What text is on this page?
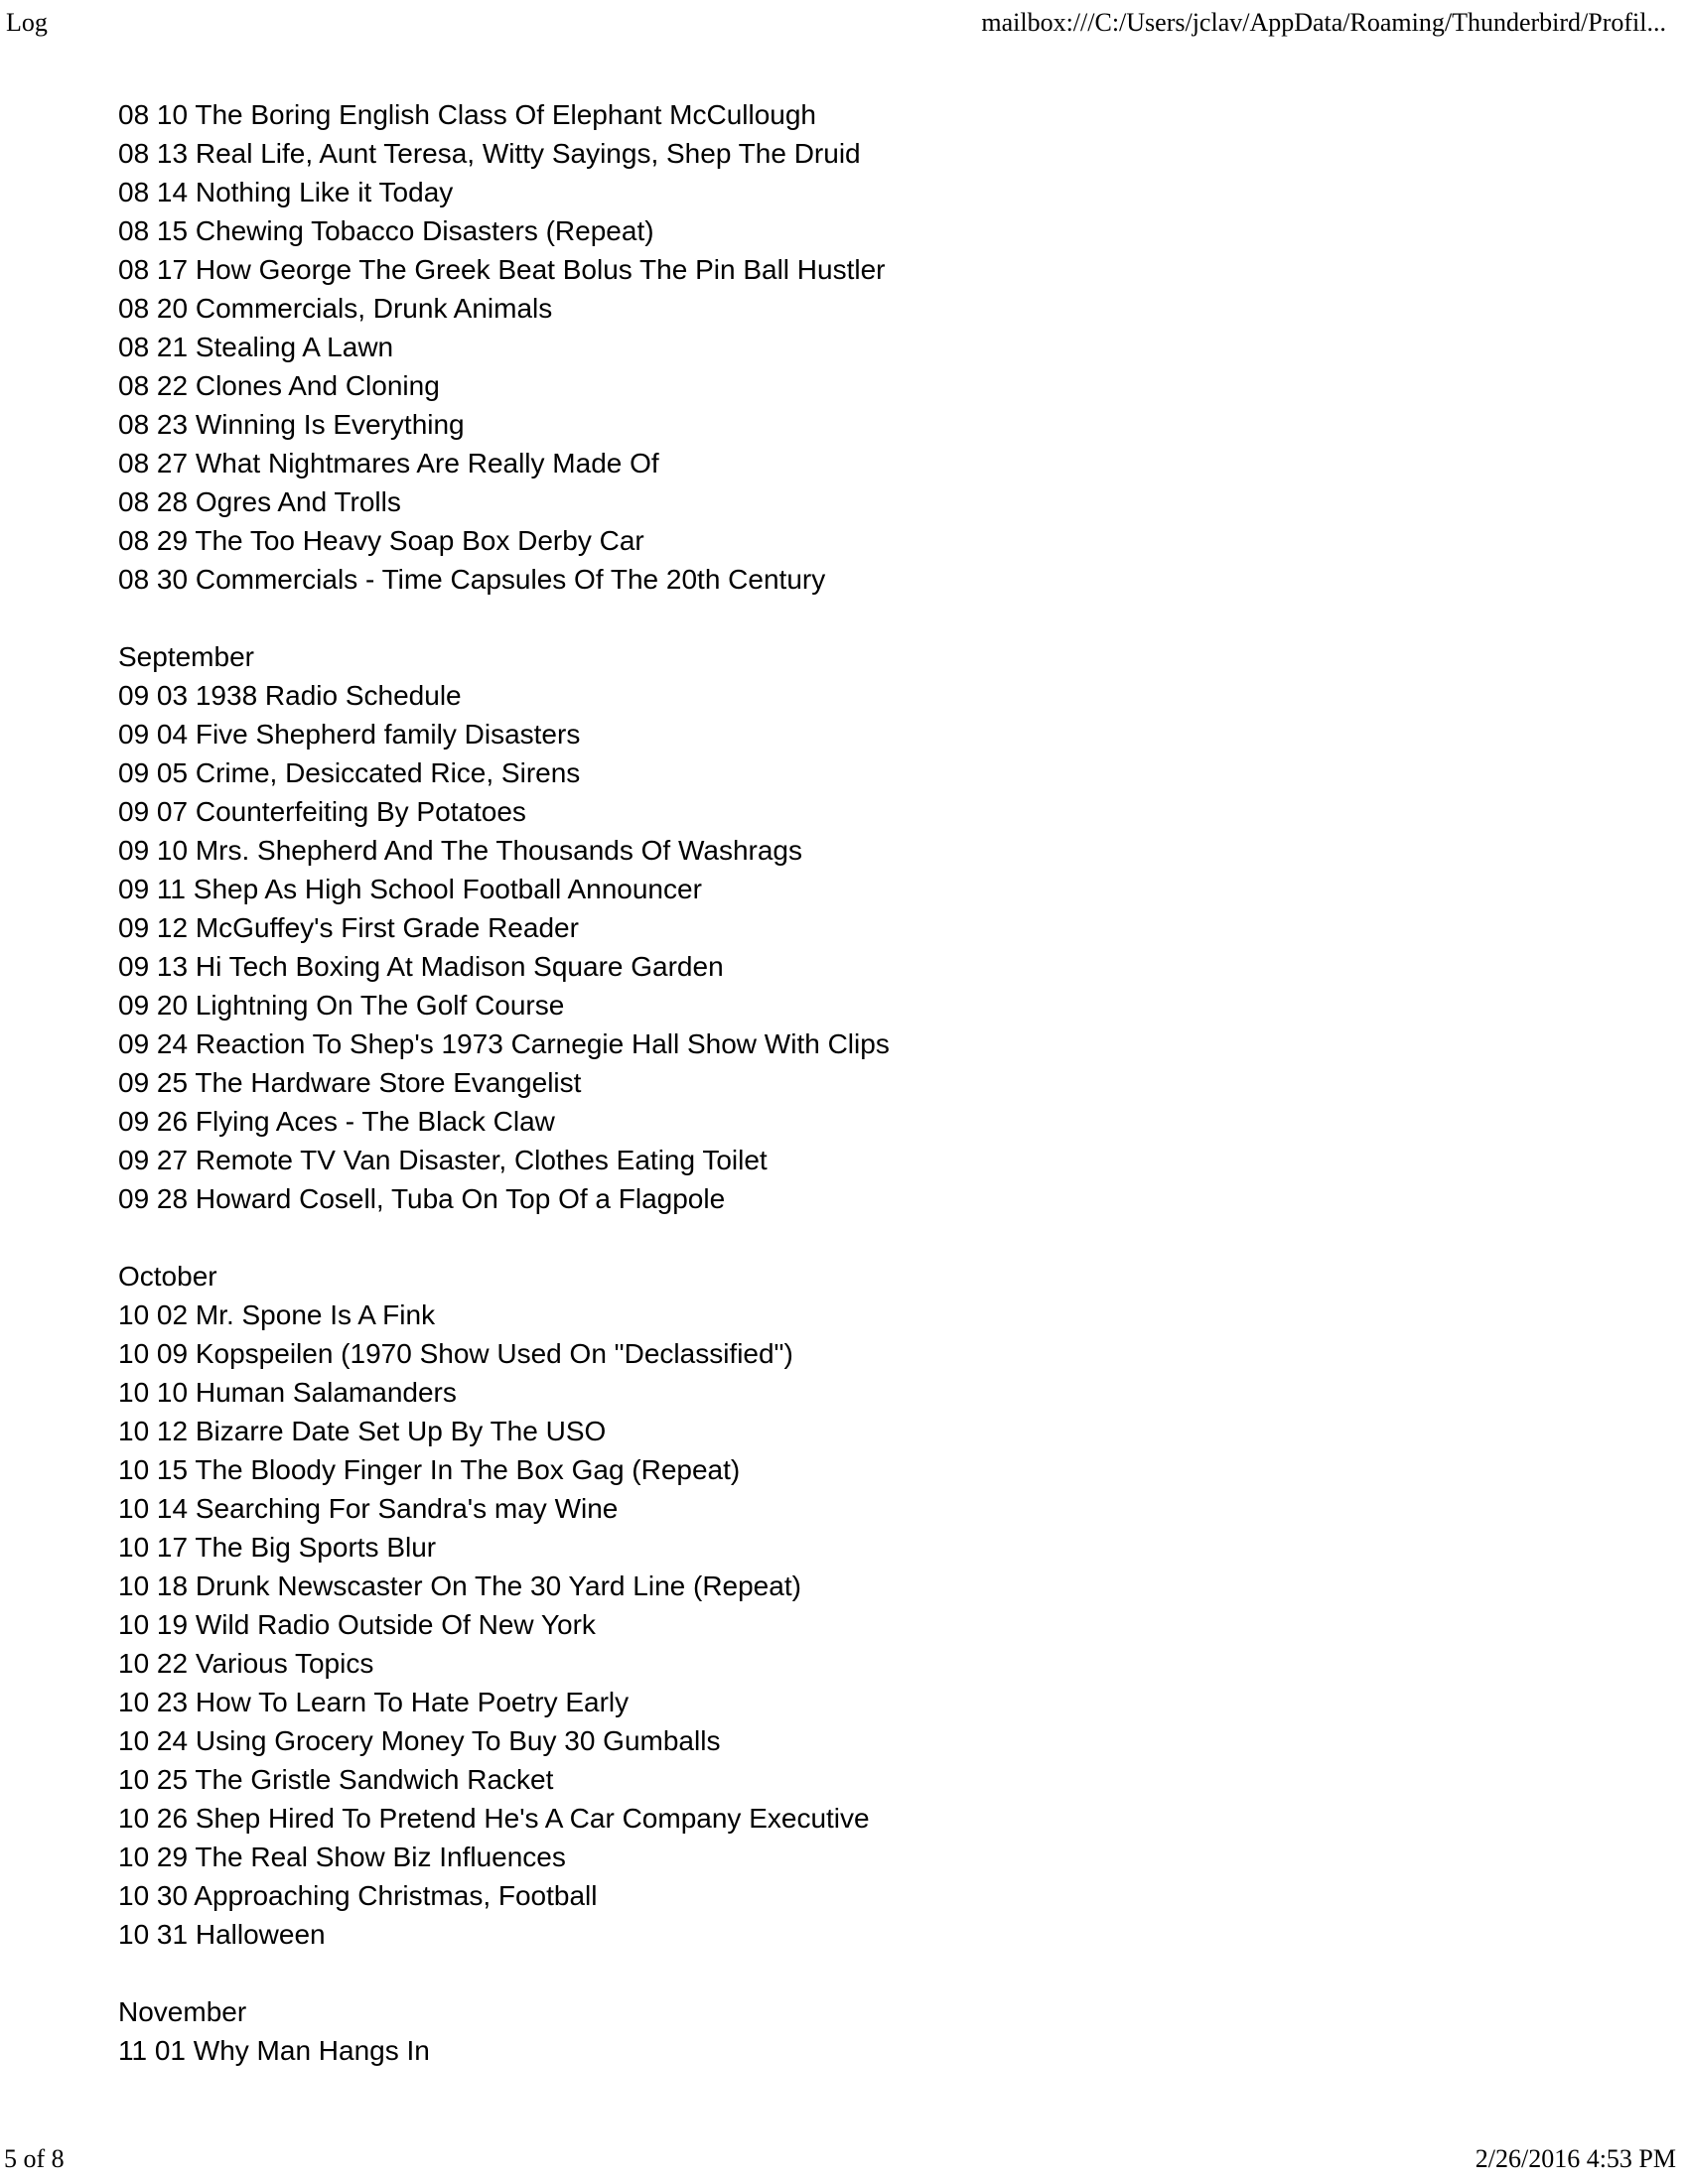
Log	mailbox:///C:/Users/jclav/AppData/Roaming/Thunderbird/Profil...
08 10 The Boring English Class Of Elephant McCullough
08 13 Real Life, Aunt Teresa, Witty Sayings, Shep The Druid
08 14 Nothing Like it Today
08 15 Chewing Tobacco Disasters (Repeat)
08 17 How George The Greek Beat Bolus The Pin Ball Hustler
08 20 Commercials, Drunk Animals
08 21 Stealing A Lawn
08 22 Clones And Cloning
08 23 Winning Is Everything
08 27 What Nightmares Are Really Made Of
08 28 Ogres And Trolls
08 29 The Too Heavy Soap Box Derby Car
08 30 Commercials - Time Capsules Of The 20th Century
September
09 03 1938 Radio Schedule
09 04 Five Shepherd family Disasters
09 05 Crime, Desiccated Rice, Sirens
09 07 Counterfeiting By Potatoes
09 10 Mrs. Shepherd And The Thousands Of Washrags
09 11 Shep As High School Football Announcer
09 12 McGuffey's First Grade Reader
09 13 Hi Tech Boxing At Madison Square Garden
09 20 Lightning On The Golf Course
09 24 Reaction To Shep's 1973 Carnegie Hall Show With Clips
09 25 The Hardware Store Evangelist
09 26 Flying Aces - The Black Claw
09 27 Remote TV Van Disaster, Clothes Eating Toilet
09 28 Howard Cosell, Tuba On Top Of a Flagpole
October
10 02 Mr. Spone Is A Fink
10 09 Kopspeilen (1970 Show Used On "Declassified")
10 10 Human Salamanders
10 12 Bizarre Date Set Up By The USO
10 15 The Bloody Finger In The Box Gag (Repeat)
10 14 Searching For Sandra's may Wine
10 17 The Big Sports Blur
10 18 Drunk Newscaster On The 30 Yard Line (Repeat)
10 19 Wild Radio Outside Of New York
10 22 Various Topics
10 23 How To Learn To Hate Poetry Early
10 24 Using Grocery Money To Buy 30 Gumballs
10 25 The Gristle Sandwich Racket
10 26 Shep Hired To Pretend He's A Car Company Executive
10 29 The Real Show Biz Influences
10 30 Approaching Christmas, Football
10 31 Halloween
November
11 01 Why Man Hangs In
5 of 8	2/26/2016 4:53 PM
